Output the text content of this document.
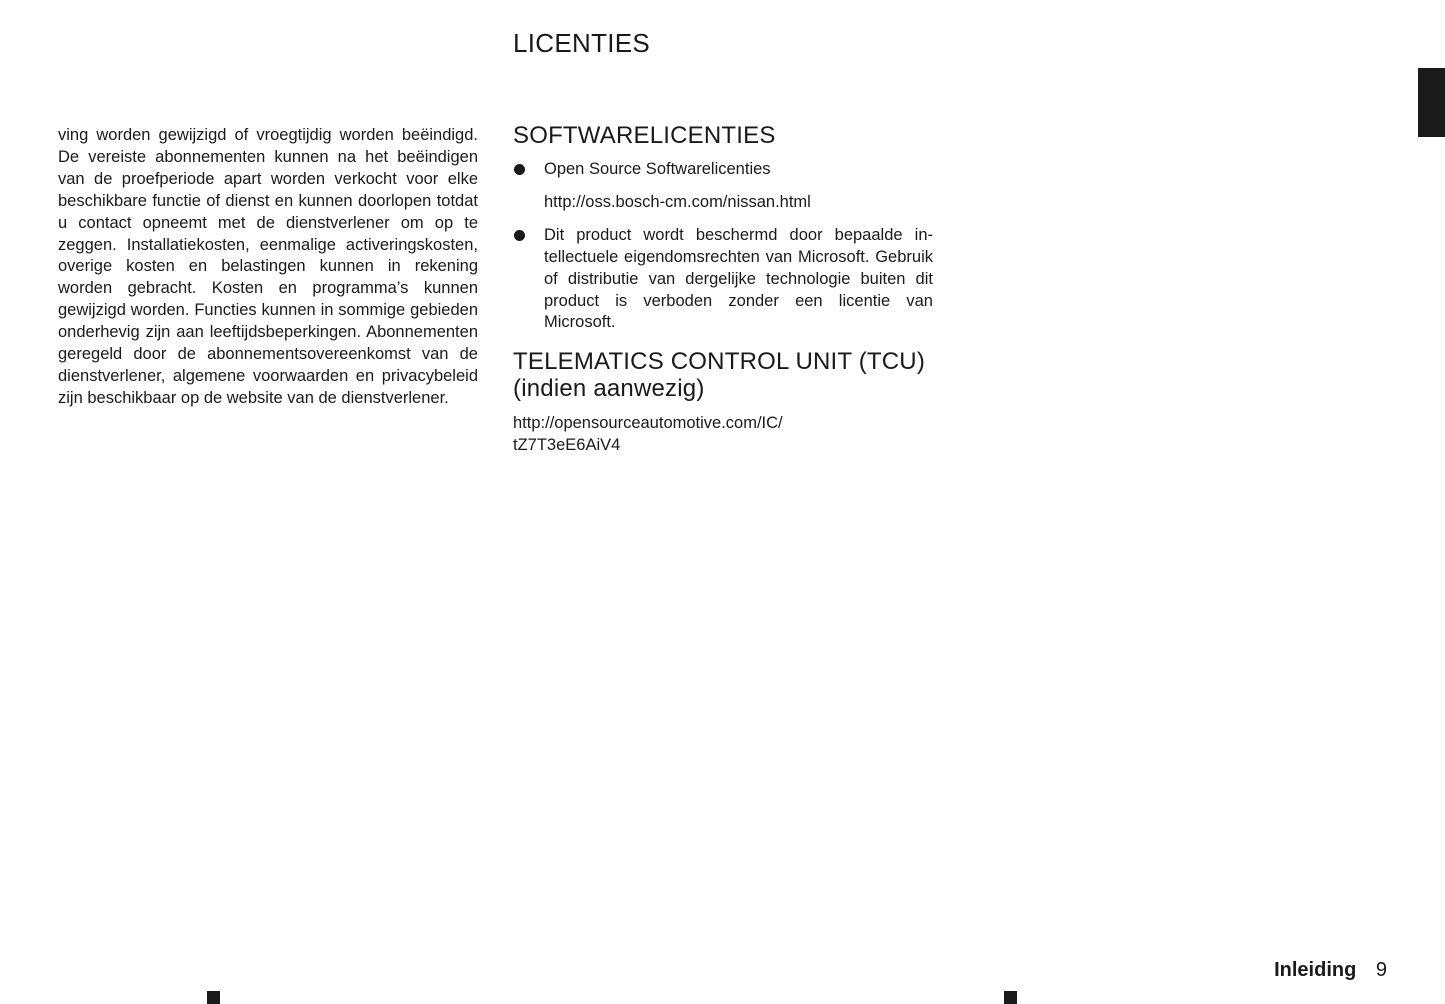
LICENTIES

ving worden gewijzigd of vroegtijdig worden beëindigd. De vereiste abonnementen kunnen na het beëindigen van de proefperiode apart worden verkocht voor elke beschikbare functie of dienst en kunnen doorlopen totdat u contact opneemt met de dienstverlener om op te zeggen. Installatiekosten, eenmalige activeringskosten, overige kosten en belastingen kunnen in rekening worden gebracht. Kosten en programma’s kunnen gewijzigd worden. Functies kunnen in sommige gebieden onderhevig zijn aan leeftijdsbeperkingen. Abonnementen geregeld door de abonnementsovereenkomst van de dienstverlener, algemene voorwaarden en privacybeleid zijn beschikbaar op de website van de dienstverlener.

SOFTWARELICENTIES
Open Source Softwarelicenties
http://oss.bosch-cm.com/nissan.html
Dit product wordt beschermd door bepaalde intellectuele eigendomsrechten van Microsoft. Gebruik of distributie van dergelijke technologie buiten dit product is verboden zonder een licentie van Microsoft.
TELEMATICS CONTROL UNIT (TCU)
(indien aanwezig)

http://opensourceautomotive.com/IC/
tZ7T3eE6AiV4

Inleiding 9
